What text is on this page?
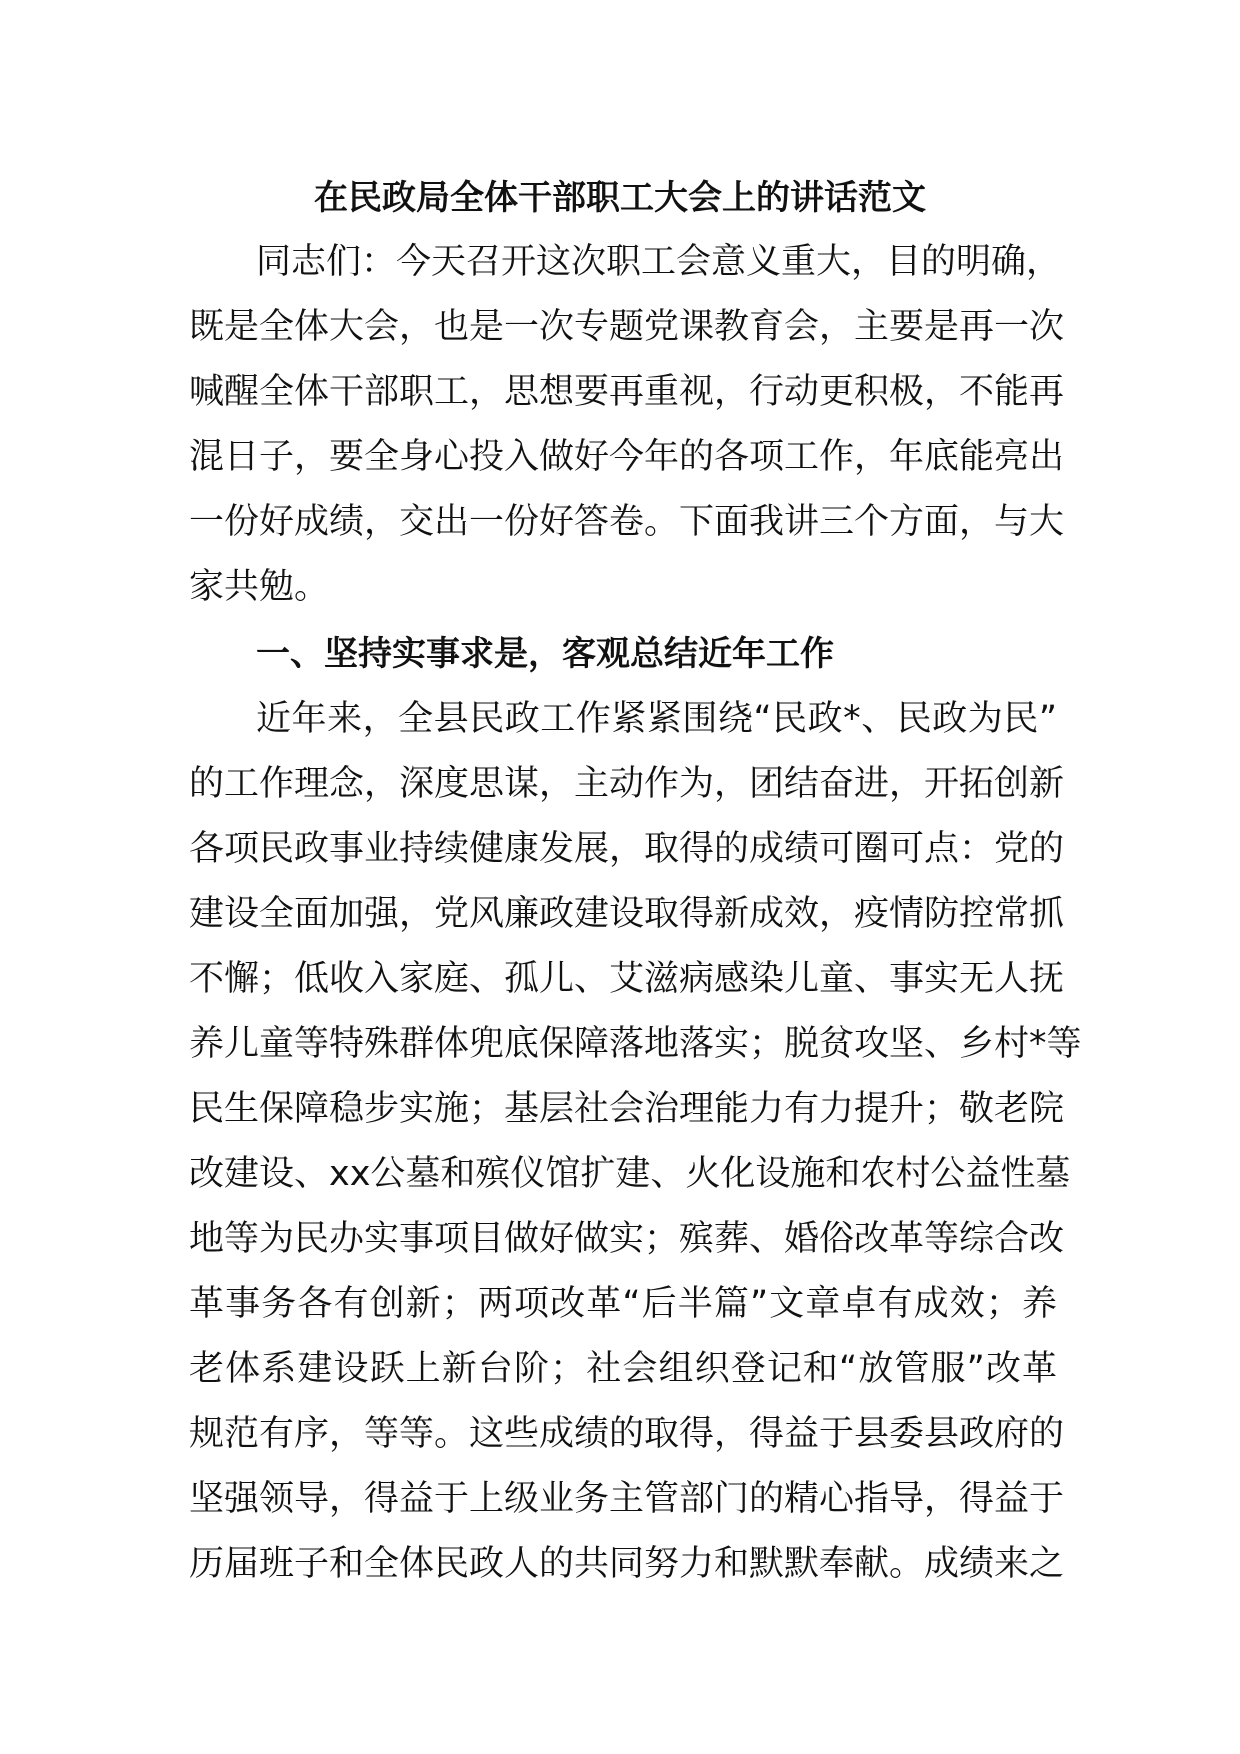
在民政局全体干部职工大会上的讲话范文
同志们：今天召开这次职工会意义重大，目的明确，
既是全体大会，也是一次专题党课教育会，主要是再一次
喊醒全体干部职工，思想要再重视，行动更积极，不能再
混日子，要全身心投入做好今年的各项工作，年底能亮出
一份好成绩，交出一份好答卷。下面我讲三个方面，与大
家共勉。
一、坚持实事求是，客观总结近年工作
近年来，全县民政工作紧紧围绕“民政*、民政为民”
的工作理念，深度思谋，主动作为，团结奋进，开拓创新
各项民政事业持续健康发展，取得的成绩可圈可点：党的
建设全面加强，党风廉政建设取得新成效，疫情防控常抓
不懈；低收入家庭、孤儿、艾滋病感染儿童、事实无人抚
养儿童等特殊群体兜底保障落地落实；脱贫攻坚、乡村*等
民生保障稳步实施；基层社会治理能力有力提升；敬老院
改建设、xx公墓和殡仪馆扩建、火化设施和农村公益性墓
地等为民办实事项目做好做实；殡葬、婚俗改革等综合改
革事务各有创新；两项改革“后半篇”文章卓有成效；养
老体系建设跃上新台阶；社会组织登记和“放管服”改革
规范有序，等等。这些成绩的取得，得益于县委县政府的
坚强领导，得益于上级业务主管部门的精心指导，得益于
历届班子和全体民政人的共同努力和默默奉献。成绩来之
